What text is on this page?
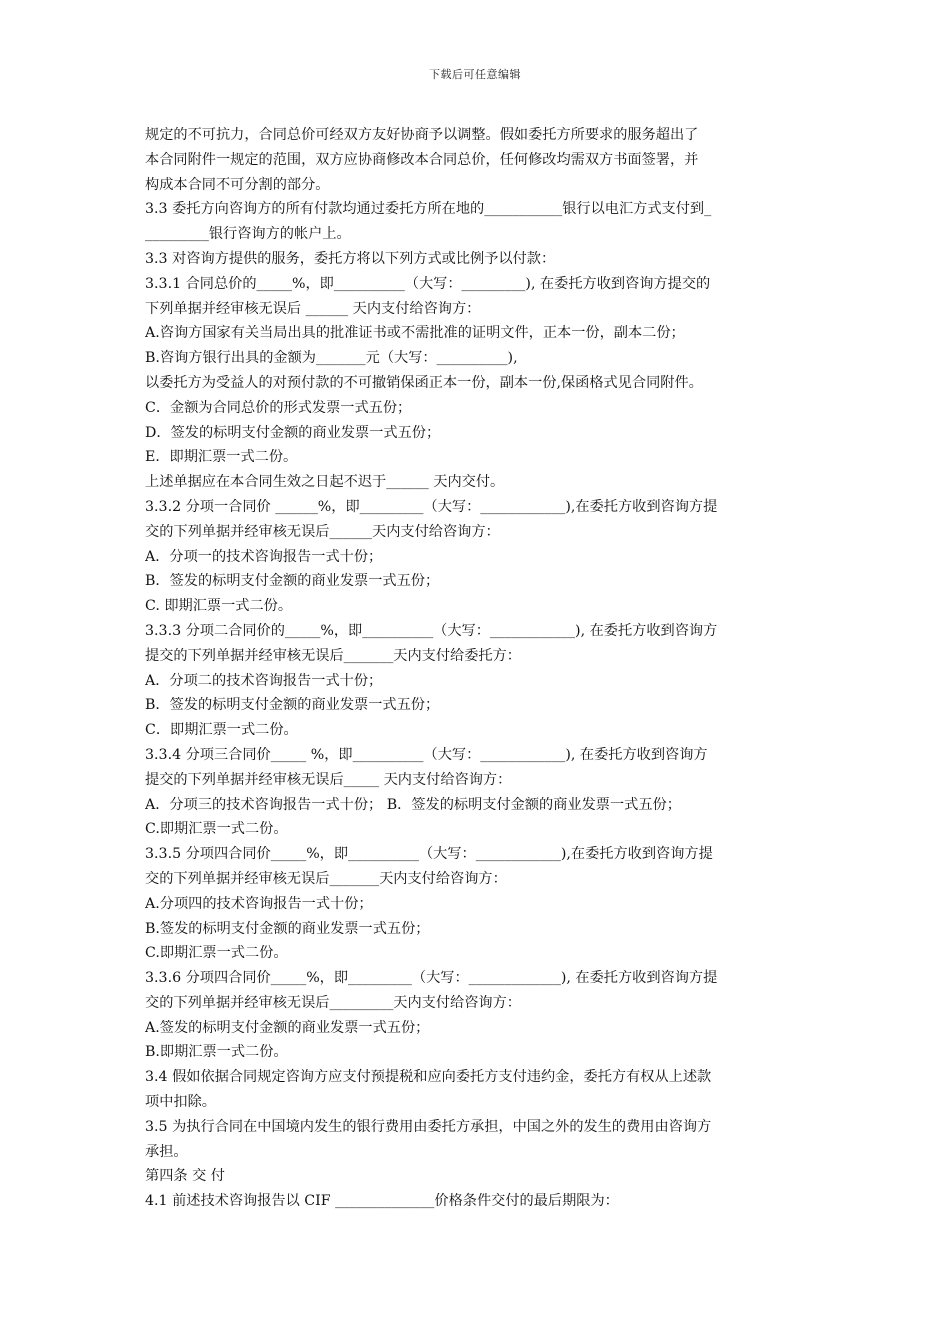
下载后可任意编辑

规定的不可抗力，合同总价可经双方友好协商予以调整。假如委托方所要求的服务超出了

本合同附件一规定的范围，双方应协商修改本合同总价，任何修改均需双方书面签署，并

构成本合同不可分割的部分。

3.3 委托方向咨询方的所有付款均通过委托方所在地的___________银行以电汇方式支付到_

_________银行咨询方的帐户上。

3.3 对咨询方提供的服务，委托方将以下列方式或比例予以付款：

3.3.1 合同总价的_____%，即__________（大写：_________), 在委托方收到咨询方提交的

下列单据并经审核无误后 ______ 天内支付给咨询方：

A.咨询方国家有关当局出具的批准证书或不需批准的证明文件，正本一份，副本二份；

B.咨询方银行出具的金额为_______元（大写：__________),

以委托方为受益人的对预付款的不可撤销保函正本一份，副本一份,保函格式见合同附件。

C．金额为合同总价的形式发票一式五份；

D．签发的标明支付金额的商业发票一式五份；

E．即期汇票一式二份。

上述单据应在本合同生效之日起不迟于______ 天内交付。

3.3.2 分项一合同价 ______%，即_________（大写：____________),在委托方收到咨询方提

交的下列单据并经审核无误后______天内支付给咨询方：

A．分项一的技术咨询报告一式十份；

B．签发的标明支付金额的商业发票一式五份；

C. 即期汇票一式二份。

3.3.3 分项二合同价的_____%，即__________（大写：____________), 在委托方收到咨询方

提交的下列单据并经审核无误后_______天内支付给委托方：

A．分项二的技术咨询报告一式十份；

B．签发的标明支付金额的商业发票一式五份；

C．即期汇票一式二份。

3.3.4 分项三合同价_____ %，即__________（大写：____________), 在委托方收到咨询方

提交的下列单据并经审核无误后_____ 天内支付给咨询方：

A．分项三的技术咨询报告一式十份； B．签发的标明支付金额的商业发票一式五份；

C.即期汇票一式二份。

3.3.5 分项四合同价_____%，即__________（大写：____________),在委托方收到咨询方提

交的下列单据并经审核无误后_______天内支付给咨询方：

A.分项四的技术咨询报告一式十份；

B.签发的标明支付金额的商业发票一式五份；

C.即期汇票一式二份。

3.3.6 分项四合同价_____%，即_________（大写：_____________), 在委托方收到咨询方提

交的下列单据并经审核无误后_________天内支付给咨询方：

A.签发的标明支付金额的商业发票一式五份；

B.即期汇票一式二份。

3.4 假如依据合同规定咨询方应支付预提税和应向委托方支付违约金，委托方有权从上述款

项中扣除。

3.5 为执行合同在中国境内发生的银行费用由委托方承担，中国之外的发生的费用由咨询方

承担。

第四条 交 付

4.1 前述技术咨询报告以 CIF ______________价格条件交付的最后期限为：
